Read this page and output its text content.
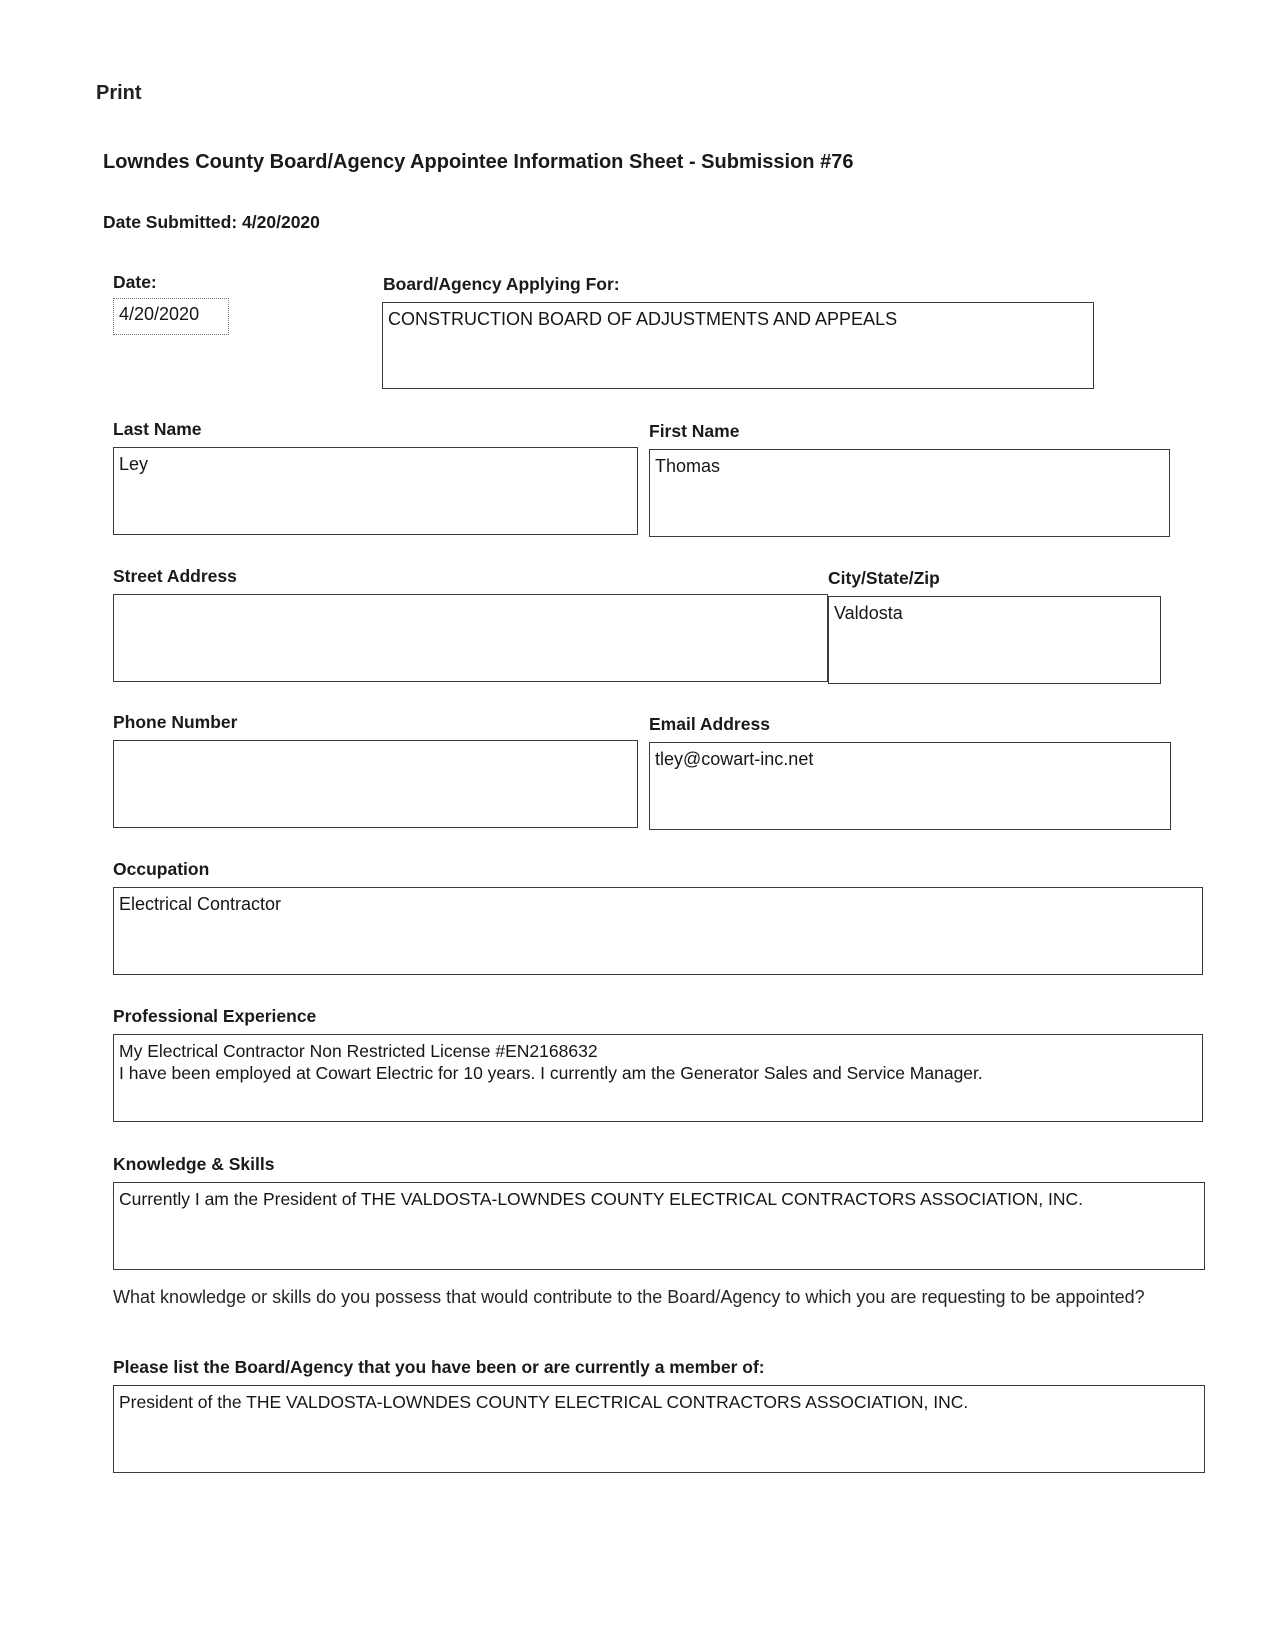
Print
Lowndes County Board/Agency Appointee Information Sheet - Submission #76
Date Submitted: 4/20/2020
Date:
4/20/2020
Board/Agency Applying For:
CONSTRUCTION BOARD OF ADJUSTMENTS AND APPEALS
Last Name
Ley
First Name
Thomas
Street Address	City/State/Zip
Valdosta
Phone Number	Email Address
tley@cowart-inc.net
Occupation
Electrical Contractor
Professional Experience
My Electrical Contractor Non Restricted License #EN2168632
I have been employed at Cowart Electric for 10 years. I currently am the Generator Sales and Service Manager.
Knowledge & Skills
Currently I am the President of THE VALDOSTA-LOWNDES COUNTY ELECTRICAL CONTRACTORS ASSOCIATION, INC.
What knowledge or skills do you possess that would contribute to the Board/Agency to which you are requesting to be appointed?
Please list the Board/Agency that you have been or are currently a member of:
President of the THE VALDOSTA-LOWNDES COUNTY ELECTRICAL CONTRACTORS ASSOCIATION, INC.
